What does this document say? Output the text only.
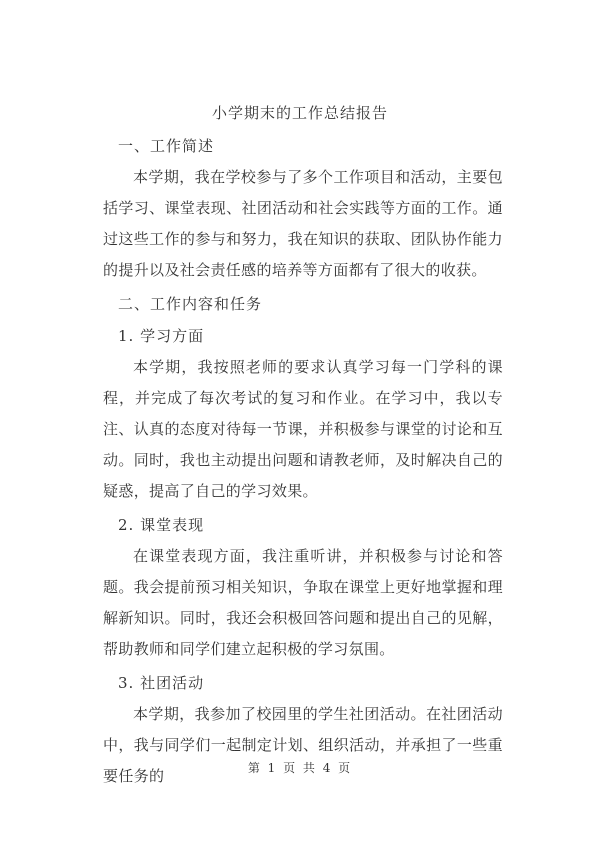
小学期末的工作总结报告
一、工作简述

本学期，我在学校参与了多个工作项目和活动，主要包括学习、课堂表现、社团活动和社会实践等方面的工作。通过这些工作的参与和努力，我在知识的获取、团队协作能力的提升以及社会责任感的培养等方面都有了很大的收获。

二、工作内容和任务
1. 学习方面

本学期，我按照老师的要求认真学习每一门学科的课程，并完成了每次考试的复习和作业。在学习中，我以专注、认真的态度对待每一节课，并积极参与课堂的讨论和互动。同时，我也主动提出问题和请教老师，及时解决自己的疑惑，提高了自己的学习效果。

2. 课堂表现

在课堂表现方面，我注重听讲，并积极参与讨论和答题。我会提前预习相关知识，争取在课堂上更好地掌握和理解新知识。同时，我还会积极回答问题和提出自己的见解，帮助教师和同学们建立起积极的学习氛围。

3. 社团活动

本学期，我参加了校园里的学生社团活动。在社团活动中，我与同学们一起制定计划、组织活动，并承担了一些重要任务的	第 1 页 共 4 页
